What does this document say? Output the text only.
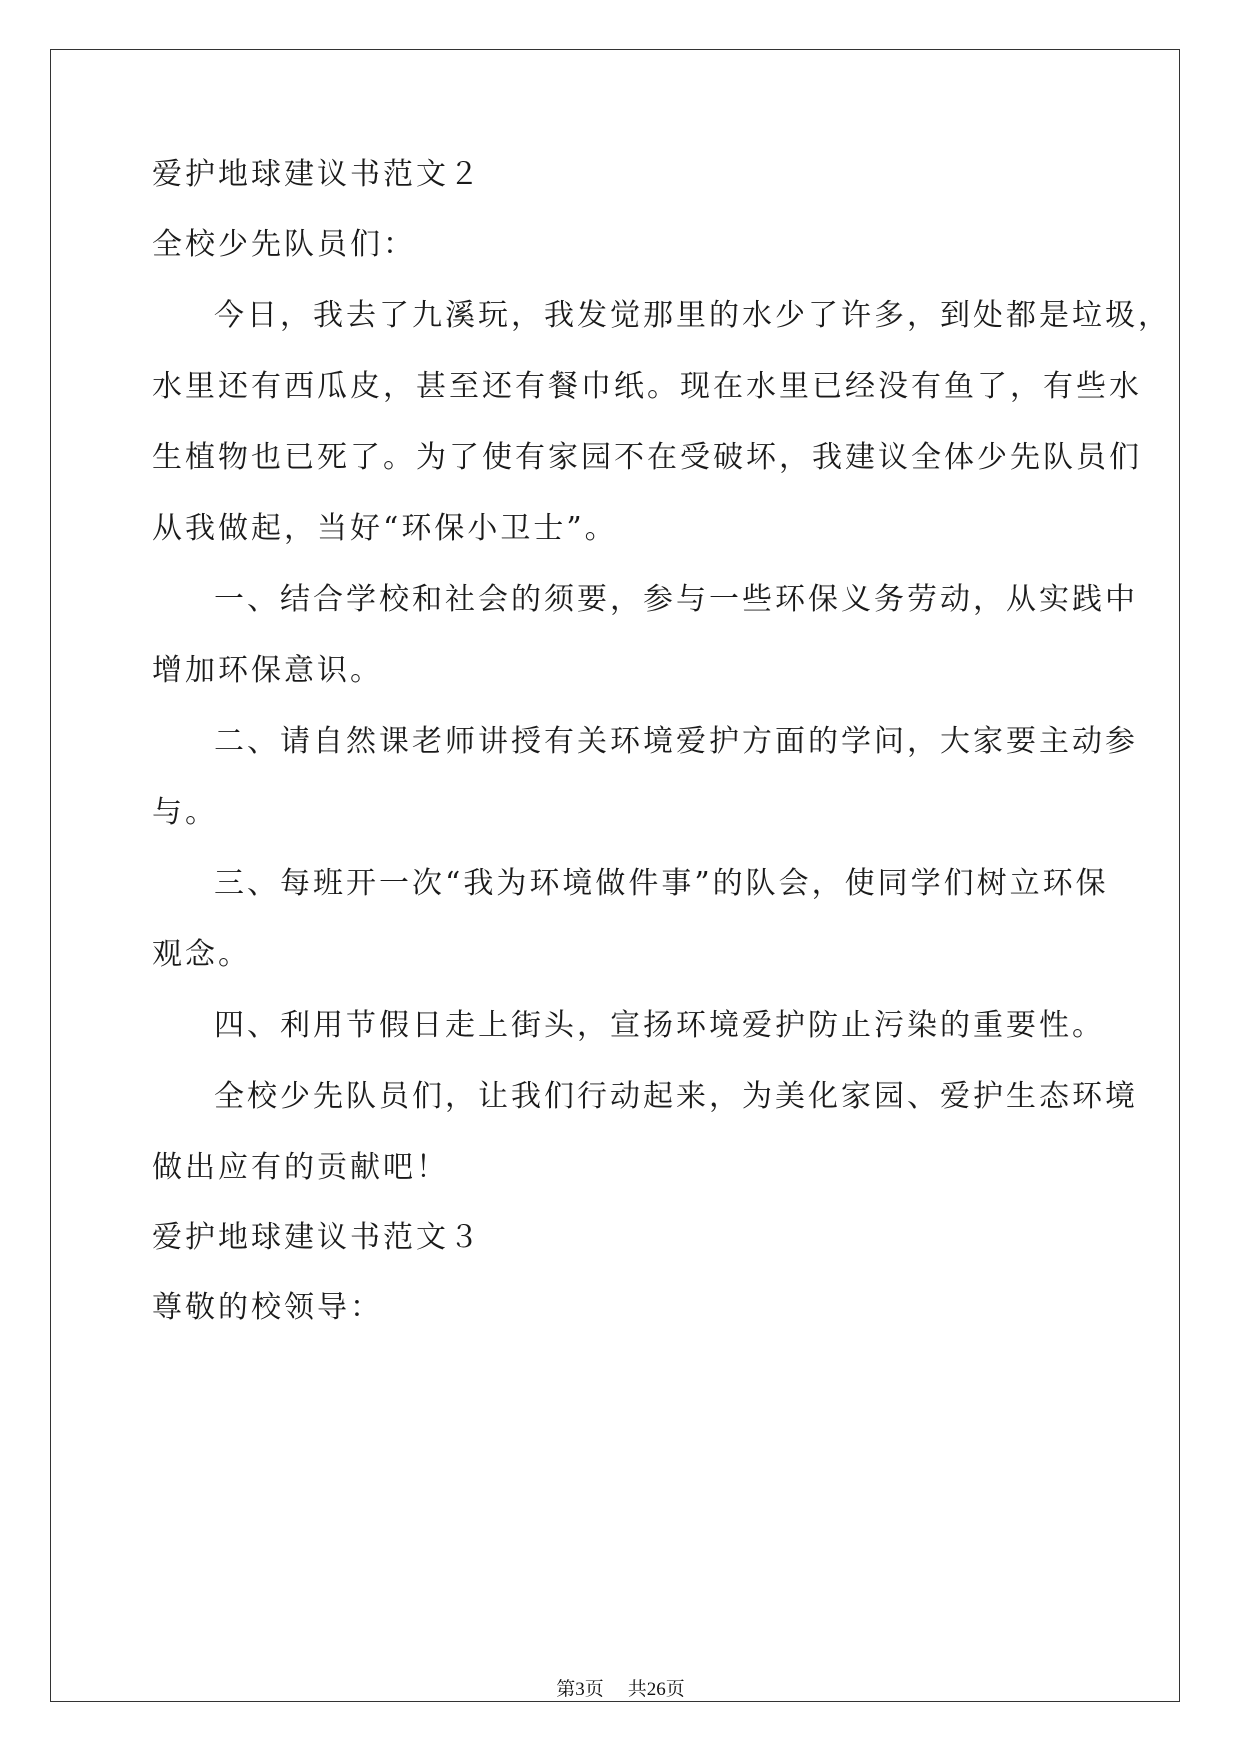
爱护地球建议书范文２
全校少先队员们：
今日，我去了九溪玩，我发觉那里的水少了许多，到处都是垃圾，
水里还有西瓜皮，甚至还有餐巾纸。现在水里已经没有鱼了，有些水
生植物也已死了。为了使有家园不在受破坏，我建议全体少先队员们
从我做起，当好“环保小卫士”。
一、结合学校和社会的须要，参与一些环保义务劳动，从实践中
增加环保意识。
二、请自然课老师讲授有关环境爱护方面的学问，大家要主动参
与。
三、每班开一次“我为环境做件事”的队会，使同学们树立环保
观念。
四、利用节假日走上街头，宣扬环境爱护防止污染的重要性。
全校少先队员们，让我们行动起来，为美化家园、爱护生态环境
做出应有的贡献吧！
爱护地球建议书范文３
尊敬的校领导：
第3页 共26页
